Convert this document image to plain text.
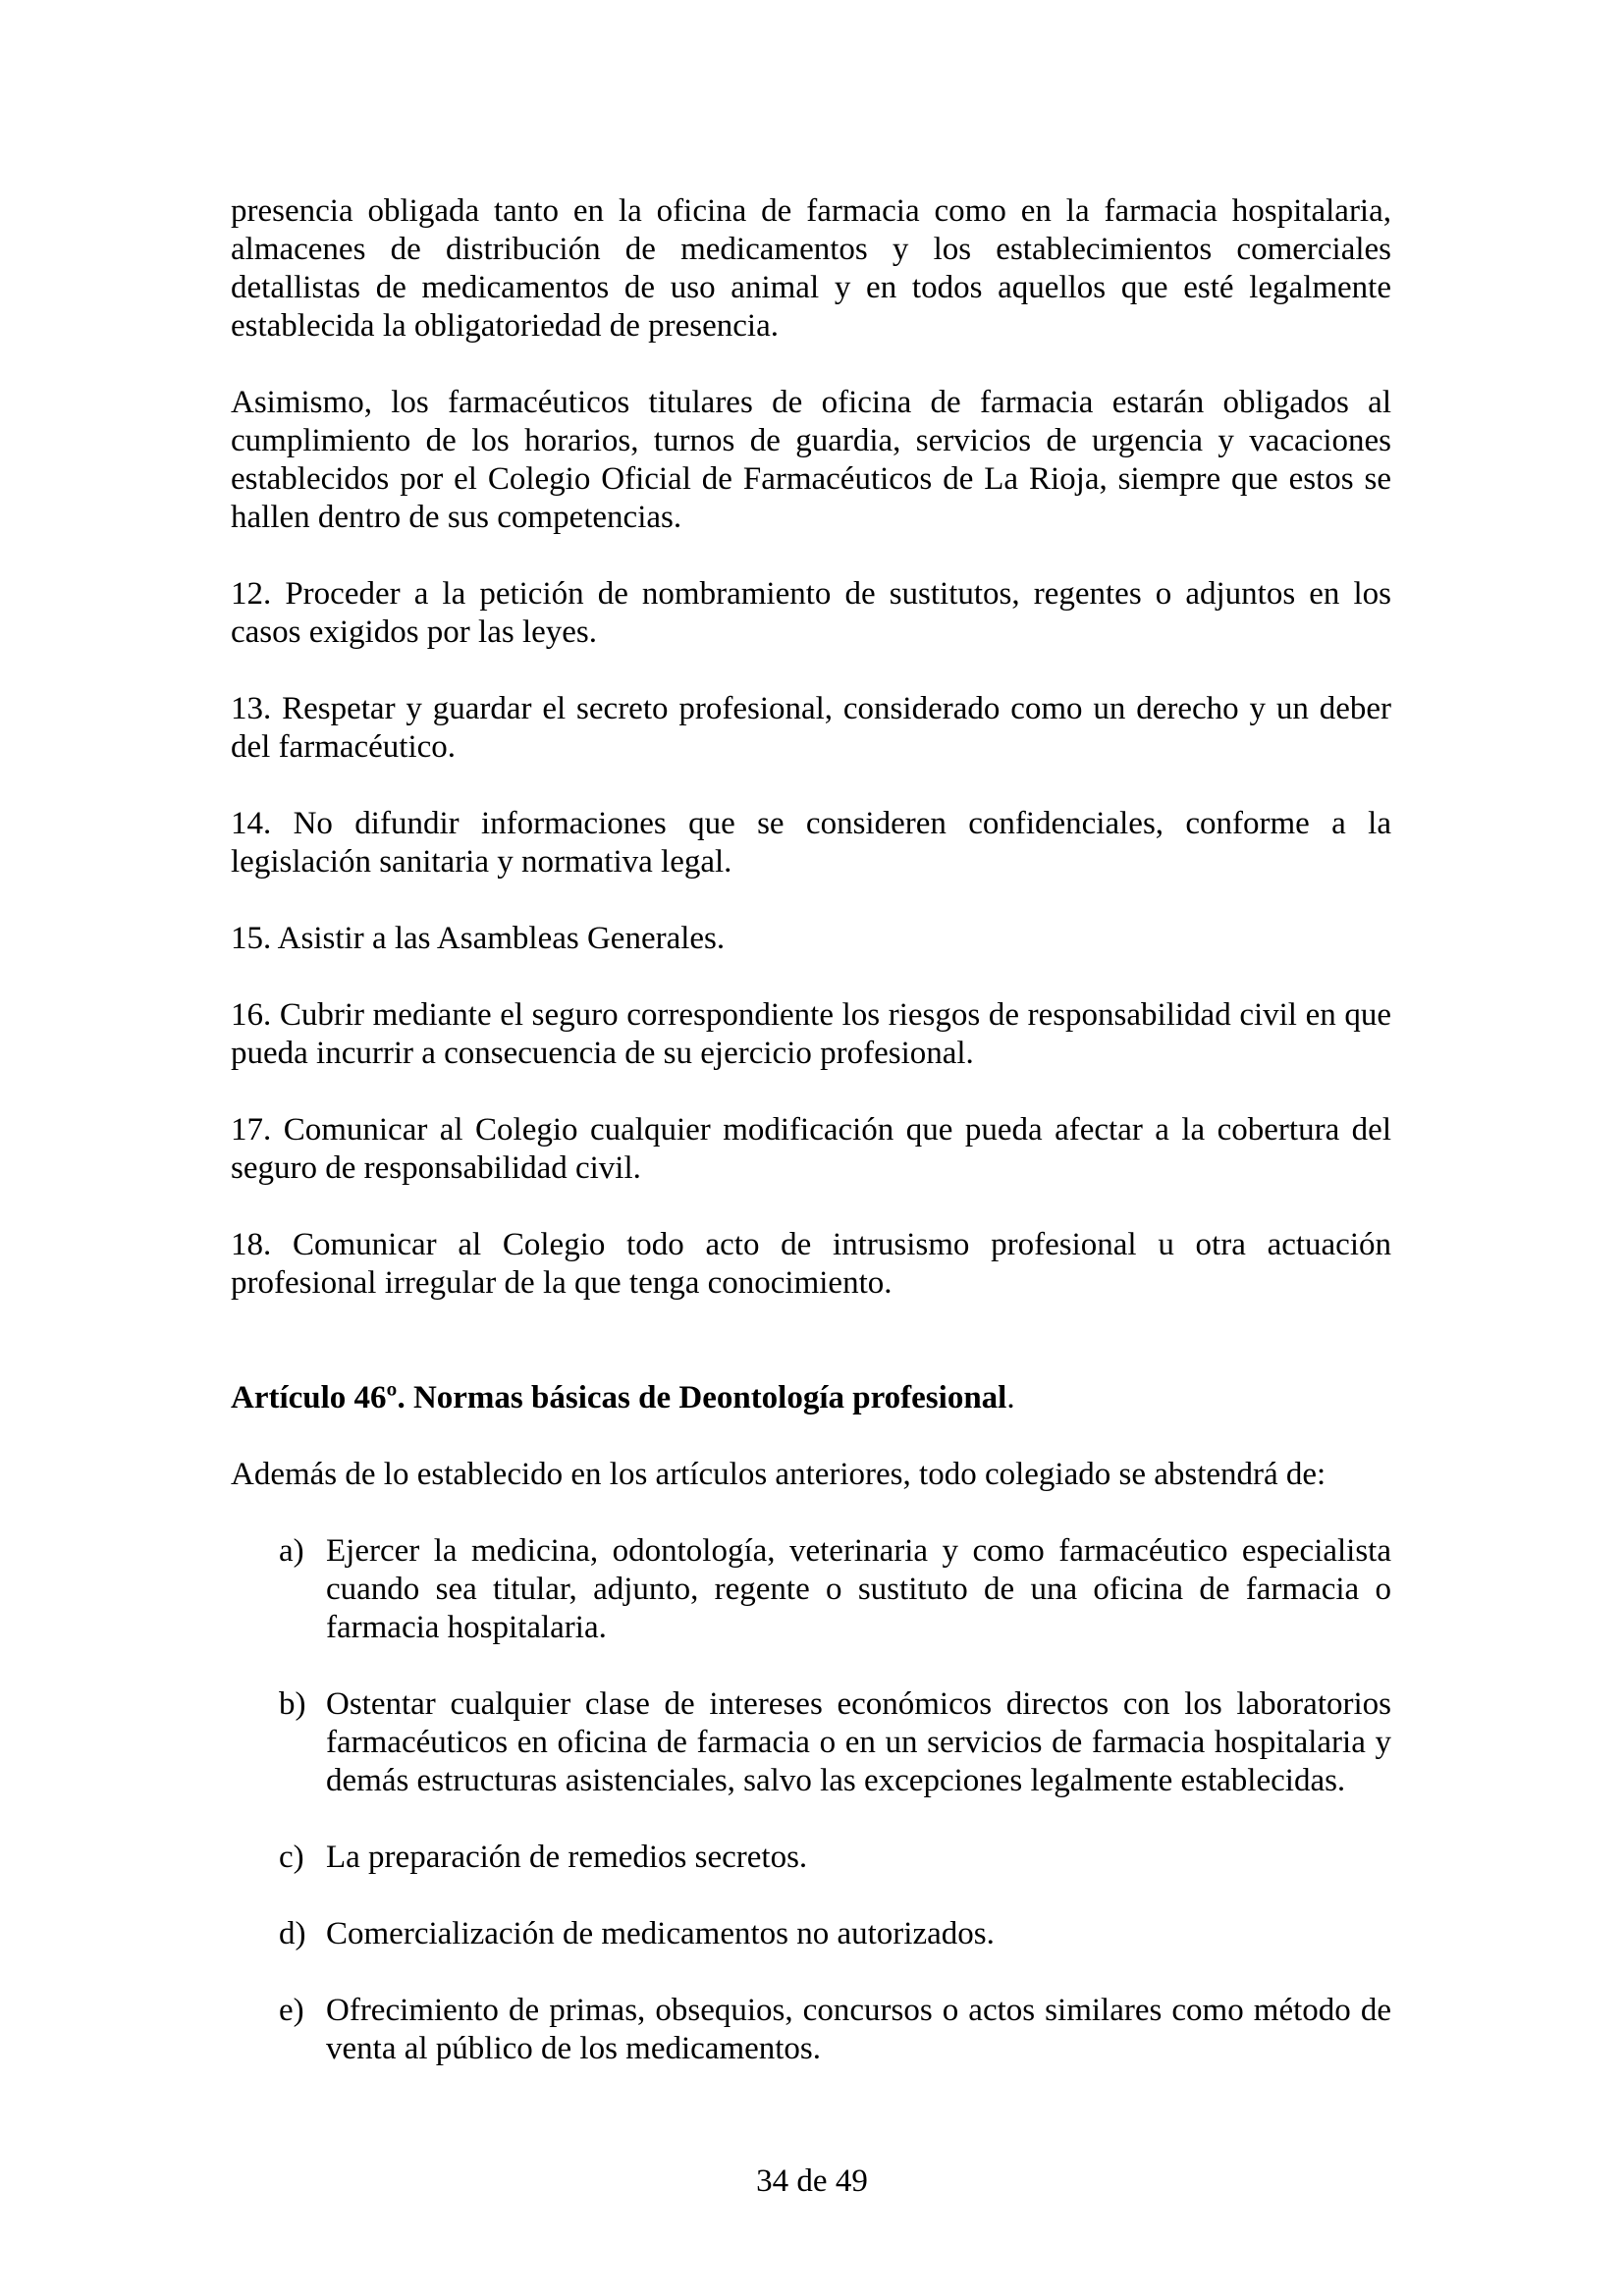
presencia obligada tanto en la oficina de farmacia como en la farmacia hospitalaria, almacenes de distribución de medicamentos y los establecimientos comerciales detallistas de medicamentos de uso animal y en todos aquellos que esté legalmente establecida la obligatoriedad de presencia.

Asimismo, los farmacéuticos titulares de oficina de farmacia estarán obligados al cumplimiento de los horarios, turnos de guardia, servicios de urgencia y vacaciones establecidos por el Colegio Oficial de Farmacéuticos de La Rioja, siempre que estos se hallen dentro de sus competencias.

12. Proceder a la petición de nombramiento de sustitutos, regentes o adjuntos en los casos exigidos por las leyes.

13. Respetar y guardar el secreto profesional, considerado como un derecho y un deber del farmacéutico.

14. No difundir informaciones que se consideren confidenciales, conforme a la legislación sanitaria y normativa legal.

15. Asistir a las Asambleas Generales.

16. Cubrir mediante el seguro correspondiente los riesgos de responsabilidad civil en que pueda incurrir a consecuencia de su ejercicio profesional.

17. Comunicar al Colegio cualquier modificación que pueda afectar a la cobertura del seguro de responsabilidad civil.

18. Comunicar al Colegio todo acto de intrusismo profesional u otra actuación profesional irregular de la que tenga conocimiento.

Artículo 46º. Normas básicas de Deontología profesional.

Además de lo establecido en los artículos anteriores, todo colegiado se abstendrá de:

a) Ejercer la medicina, odontología, veterinaria y como farmacéutico especialista cuando sea titular, adjunto, regente o sustituto de una oficina de farmacia o farmacia hospitalaria.
b) Ostentar cualquier clase de intereses económicos directos con los laboratorios farmacéuticos en oficina de farmacia o en un servicios de farmacia hospitalaria y demás estructuras asistenciales, salvo las excepciones legalmente establecidas.
c) La preparación de remedios secretos.
d) Comercialización de medicamentos no autorizados.
e) Ofrecimiento de primas, obsequios, concursos o actos similares como método de venta al público de los medicamentos.
34 de 49
